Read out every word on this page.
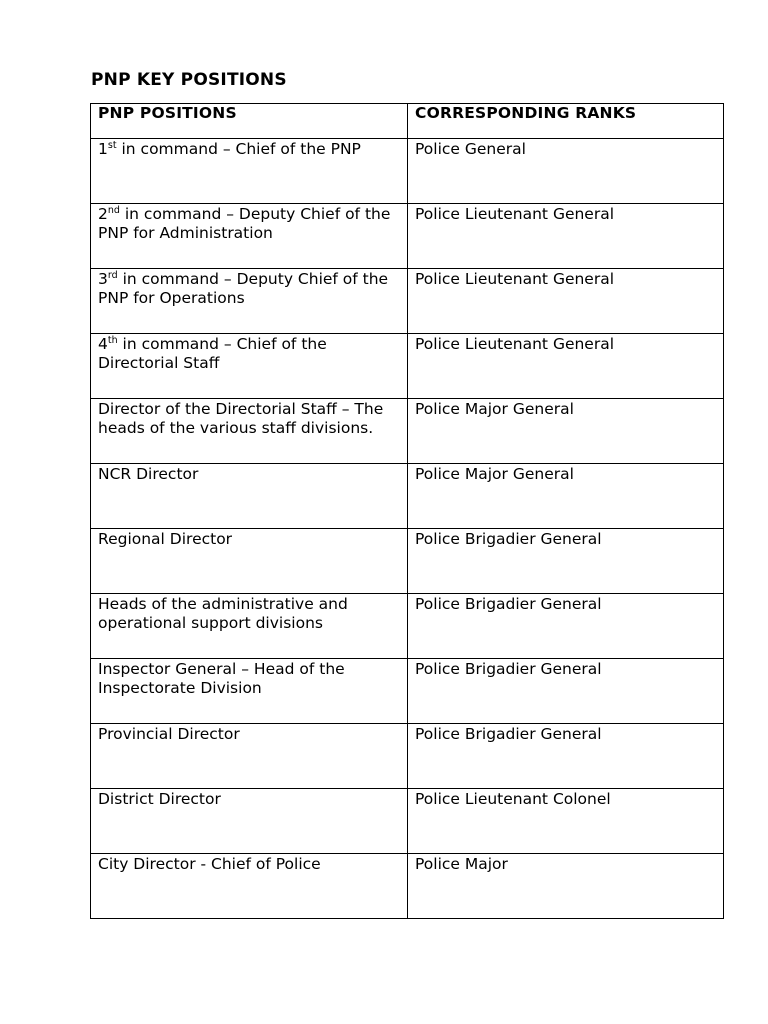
PNP KEY POSITIONS
PNP POSITIONS	CORRESPONDING RANKS

1st in command – Chief of the PNP	Police General

2nd in command – Deputy Chief of the PNP for Administration	Police Lieutenant General

3rd in command – Deputy Chief of the PNP for Operations	Police Lieutenant General

4th in command – Chief of the Directorial Staff	Police Lieutenant General

Director of the Directorial Staff – The heads of the various staff divisions.	Police Major General

NCR Director	Police Major General

Regional Director	Police Brigadier General

Heads of the administrative and operational support divisions	Police Brigadier General

Inspector General – Head of the Inspectorate Division	Police Brigadier General

Provincial Director	Police Brigadier General

District Director	Police Lieutenant Colonel

City Director - Chief of Police	Police Major
